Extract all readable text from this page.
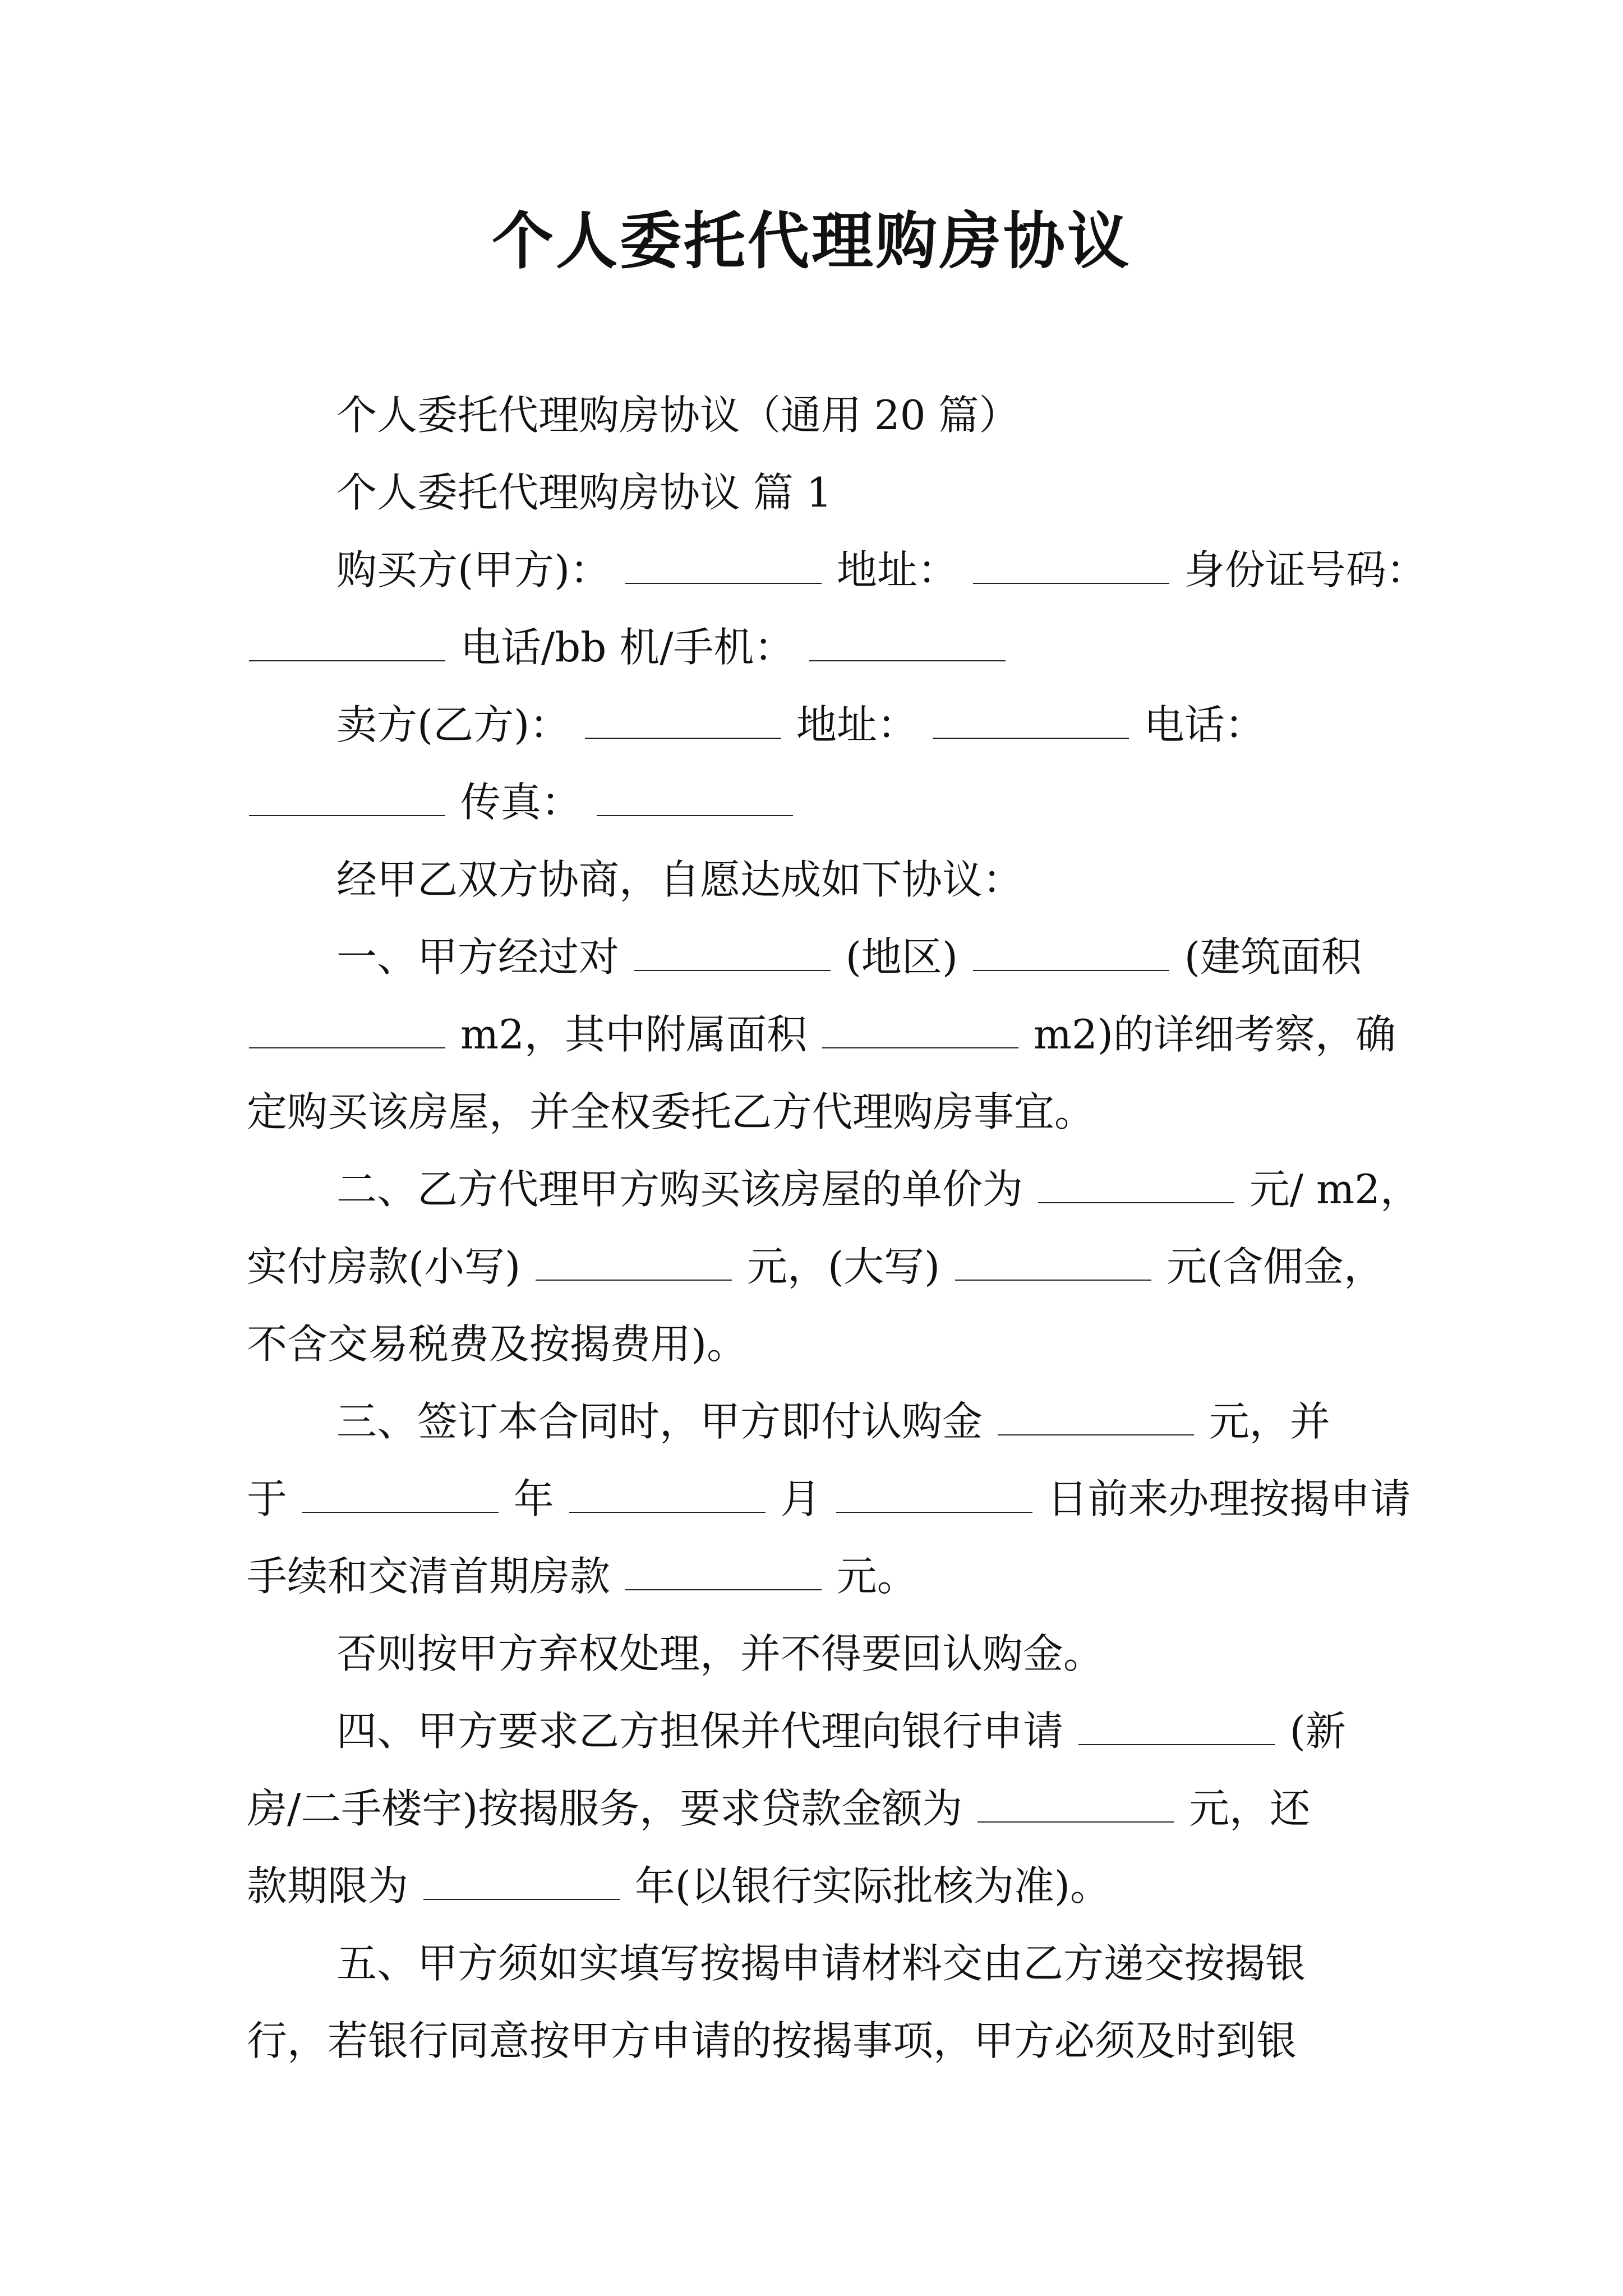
个人委托代理购房协议
个人委托代理购房协议（通用 20 篇）
个人委托代理购房协议 篇 1
购买方(甲方)：	地址：	身份证号码：
电话/bb 机/手机：
卖方(乙方)：	地址：	电话：
传真：
经甲乙双方协商，自愿达成如下协议：
一、甲方经过对	(地区)	(建筑面积
m2，其中附属面积	m2)的详细考察，确
定购买该房屋，并全权委托乙方代理购房事宜。
二、乙方代理甲方购买该房屋的单价为	元/ m2，
实付房款(小写)	元，(大写)	元(含佣金，
不含交易税费及按揭费用)。
三、签订本合同时，甲方即付认购金	元，并
于	年	月	日前来办理按揭申请
手续和交清首期房款	元。
否则按甲方弃权处理，并不得要回认购金。
四、甲方要求乙方担保并代理向银行申请	(新
房/二手楼宇)按揭服务，要求贷款金额为	元，还
款期限为	年(以银行实际批核为准)。
五、甲方须如实填写按揭申请材料交由乙方递交按揭银
行，若银行同意按甲方申请的按揭事项，甲方必须及时到银
